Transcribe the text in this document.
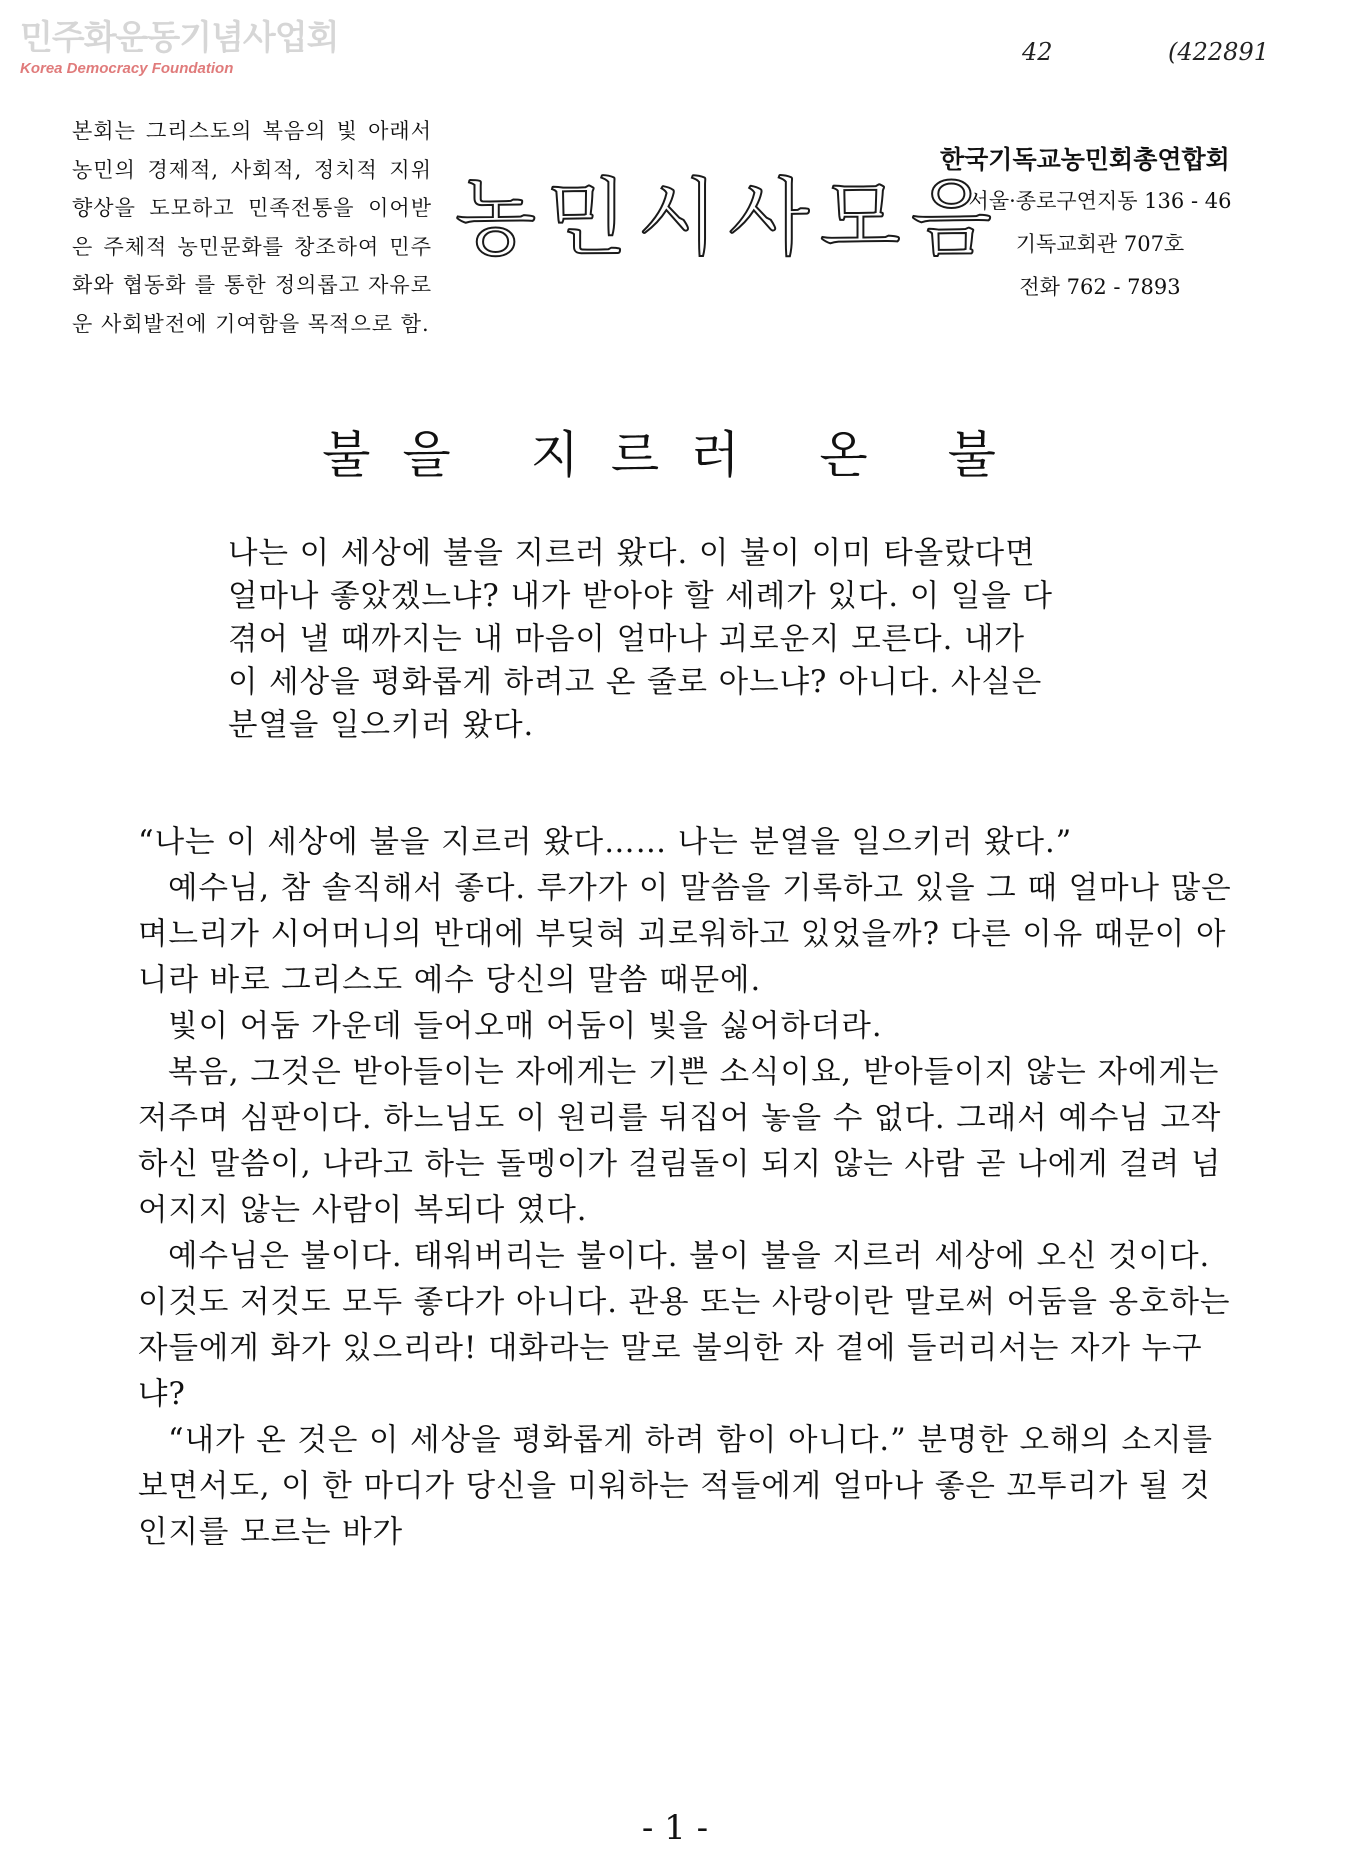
민주화운동기념사업회
Korea Democracy Foundation
42	(422891
본회는 그리스도의 복음의 빛 아래서 농민의 경제적, 사회적, 정치적 지위향상을 도모하고 민족전통을 이어받은 주체적 농민문화를 창조하여 민주화와 협동화 를 통한 정의롭고 자유로운 사회발전에 기여함을 목적으로 함.
농민시사모음
한국기독교농민회총연합회
서울·종로구연지동 136 - 46
기독교회관 707호
전화 762 - 7893
불을 지르러 온 불
나는 이 세상에 불을 지르러 왔다. 이 불이 이미 타올랐다면 얼마나 좋았겠느냐? 내가 받아야 할 세례가 있다. 이 일을 다 겪어 낼 때까지는 내 마음이 얼마나 괴로운지 모른다. 내가 이 세상을 평화롭게 하려고 온 줄로 아느냐? 아니다. 사실은 분열을 일으키러 왔다.

“나는 이 세상에 불을 지르러 왔다…… 나는 분열을 일으키러 왔다.”

예수님, 참 솔직해서 좋다. 루가가 이 말씀을 기록하고 있을 그 때 얼마나 많은 며느리가 시어머니의 반대에 부딪혀 괴로워하고 있었을까? 다른 이유 때문이 아니라 바로 그리스도 예수 당신의 말씀 때문에.

빛이 어둠 가운데 들어오매 어둠이 빛을 싫어하더라.

복음, 그것은 받아들이는 자에게는 기쁜 소식이요, 받아들이지 않는 자에게는 저주며 심판이다. 하느님도 이 원리를 뒤집어 놓을 수 없다. 그래서 예수님 고작 하신 말씀이, 나라고 하는 돌멩이가 걸림돌이 되지 않는 사람 곧 나에게 걸려 넘어지지 않는 사람이 복되다 였다.

예수님은 불이다. 태워버리는 불이다. 불이 불을 지르러 세상에 오신 것이다. 이것도 저것도 모두 좋다가 아니다. 관용 또는 사랑이란 말로써 어둠을 옹호하는 자들에게 화가 있으리라! 대화라는 말로 불의한 자 곁에 들러리서는 자가 누구냐?

“내가 온 것은 이 세상을 평화롭게 하려 함이 아니다.” 분명한 오해의 소지를 보면서도, 이 한 마디가 당신을 미워하는 적들에게 얼마나 좋은 꼬투리가 될 것인지를 모르는 바가

- 1 -
